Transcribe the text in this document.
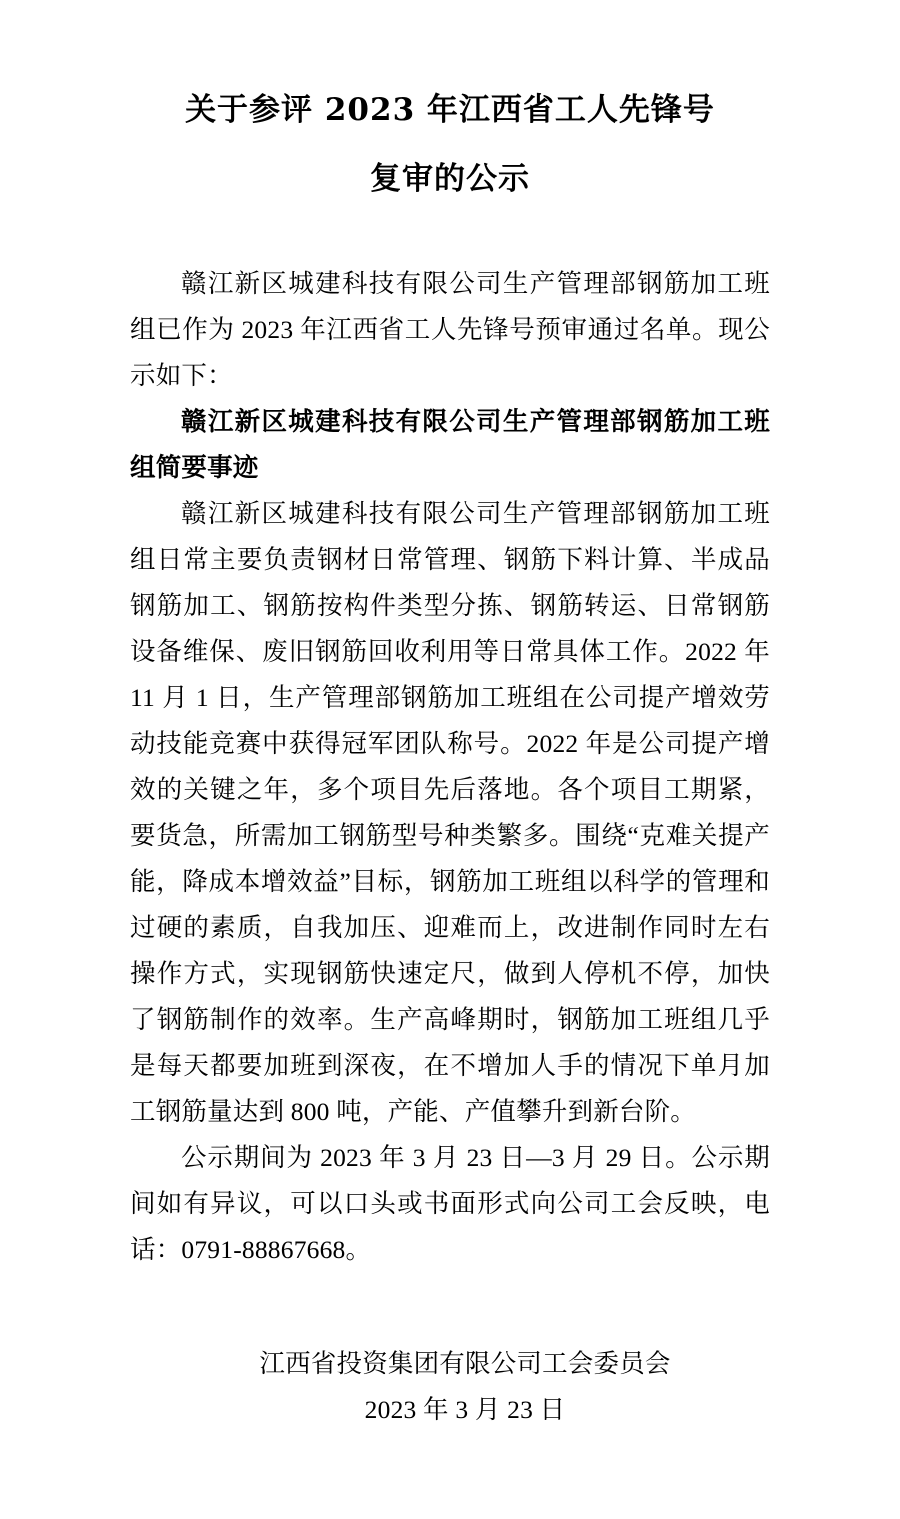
关于参评 2023 年江西省工人先锋号
复审的公示

赣江新区城建科技有限公司生产管理部钢筋加工班组已作为 2023 年江西省工人先锋号预审通过名单。现公示如下：

赣江新区城建科技有限公司生产管理部钢筋加工班组简要事迹

赣江新区城建科技有限公司生产管理部钢筋加工班组日常主要负责钢材日常管理、钢筋下料计算、半成品钢筋加工、钢筋按构件类型分拣、钢筋转运、日常钢筋设备维保、废旧钢筋回收利用等日常具体工作。2022 年 11 月 1 日，生产管理部钢筋加工班组在公司提产增效劳动技能竞赛中获得冠军团队称号。2022 年是公司提产增效的关键之年，多个项目先后落地。各个项目工期紧，要货急，所需加工钢筋型号种类繁多。围绕“克难关提产能，降成本增效益”目标，钢筋加工班组以科学的管理和过硬的素质，自我加压、迎难而上，改进制作同时左右操作方式，实现钢筋快速定尺，做到人停机不停，加快了钢筋制作的效率。生产高峰期时，钢筋加工班组几乎是每天都要加班到深夜，在不增加人手的情况下单月加工钢筋量达到 800 吨，产能、产值攀升到新台阶。

公示期间为 2023 年 3 月 23 日—3 月 29 日。公示期间如有异议，可以口头或书面形式向公司工会反映，电话：0791-88867668。

江西省投资集团有限公司工会委员会
2023 年 3 月 23 日
